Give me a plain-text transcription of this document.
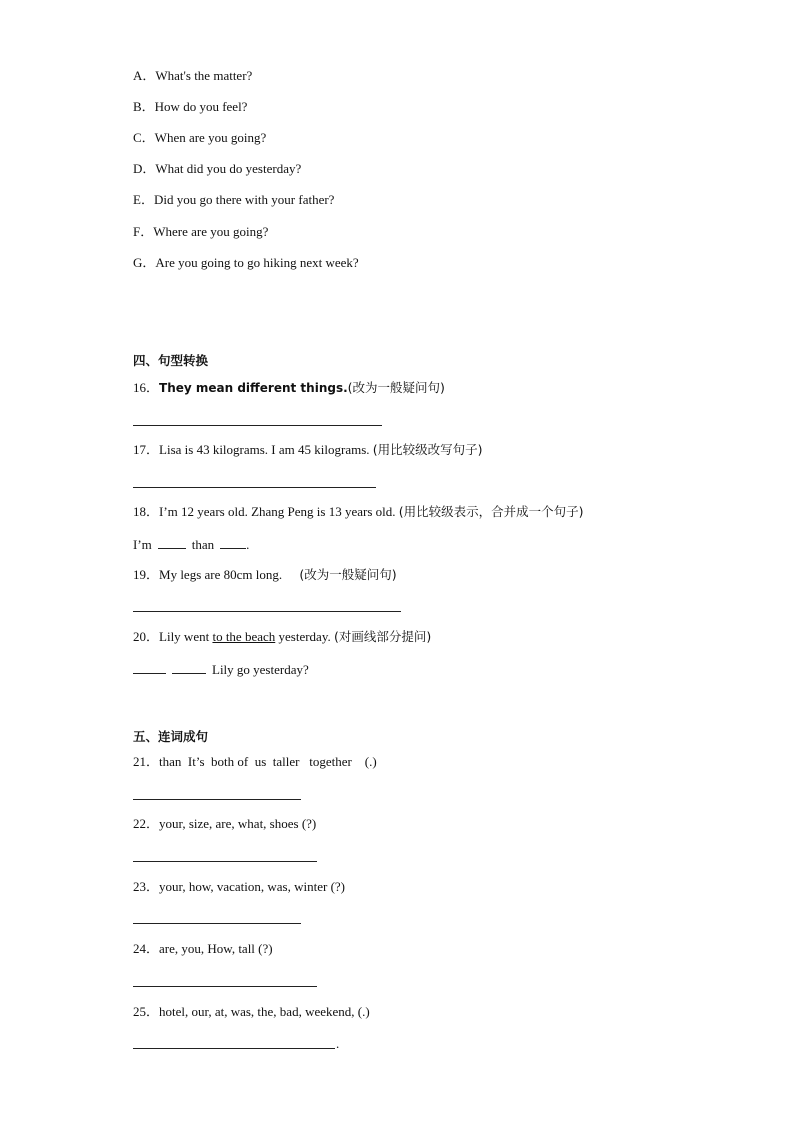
A．What's the matter?
B．How do you feel?
C．When are you going?
D．What did you do yesterday?
E．Did you go there with your father?
F．Where are you going?
G．Are you going to go hiking next week?
四、句型转换
16．They mean different things.(改为一般疑问句)
17．Lisa is 43 kilograms. I am 45 kilograms. (用比较级改写句子)
18．I’m 12 years old. Zhang Peng is 13 years old. (用比较级表示，合并成一个句子)
I’m	than .
19．My legs are 80cm long. (改为一般疑问句)
20．Lily went to the beach yesterday. (对画线部分提问)
Lily go yesterday?
五、连词成句
21．than  It’s  both of  us  taller   together    (.)
22．your, size, are, what, shoes (?)
23．your, how, vacation, was, winter (?)
24．are, you, How, tall (?)
25．hotel, our, at, was, the, bad, weekend, (.)
.
